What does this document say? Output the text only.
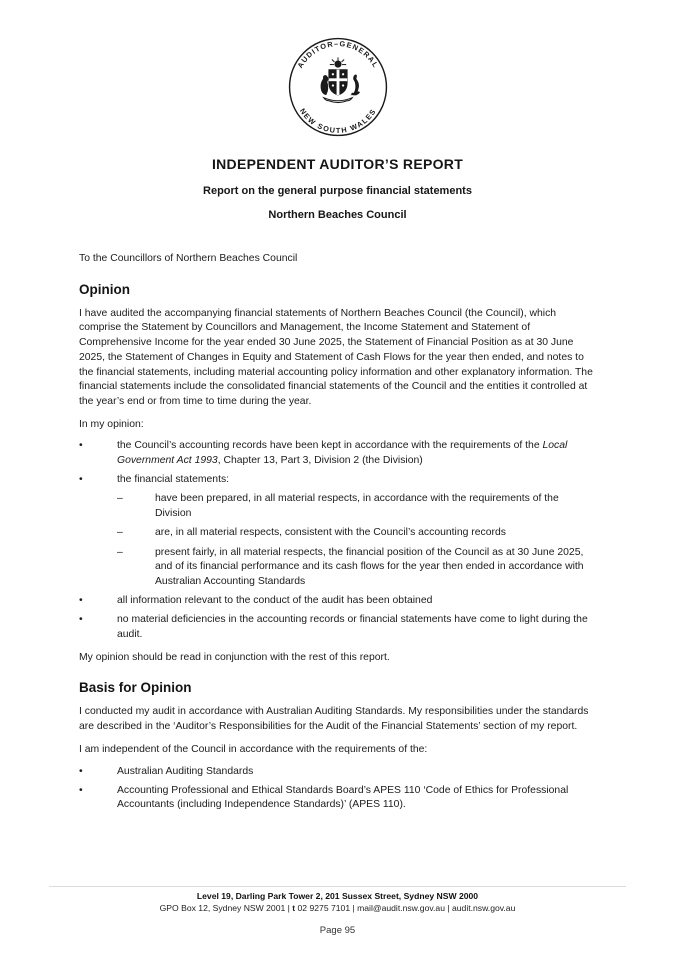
AUDITOR–GENERAL
NEW SOUTH WALES
INDEPENDENT AUDITOR’S REPORT
Report on the general purpose financial statements
Northern Beaches Council

To the Councillors of Northern Beaches Council

Opinion

I have audited the accompanying financial statements of Northern Beaches Council (the Council), which comprise the Statement by Councillors and Management, the Income Statement and Statement of Comprehensive Income for the year ended 30 June 2025, the Statement of Financial Position as at 30 June 2025, the Statement of Changes in Equity and Statement of Cash Flows for the year then ended, and notes to the financial statements, including material accounting policy information and other explanatory information. The financial statements include the consolidated financial statements of the Council and the entities it controlled at the year’s end or from time to time during the year.

In my opinion:

•	the Council’s accounting records have been kept in accordance with the requirements of the Local Government Act 1993, Chapter 13, Part 3, Division 2 (the Division)
•	the financial statements:
–	have been prepared, in all material respects, in accordance with the requirements of the Division
–	are, in all material respects, consistent with the Council’s accounting records
–	present fairly, in all material respects, the financial position of the Council as at 30 June 2025, and of its financial performance and its cash flows for the year then ended in accordance with Australian Accounting Standards
•	all information relevant to the conduct of the audit has been obtained
•	no material deficiencies in the accounting records or financial statements have come to light during the audit.

My opinion should be read in conjunction with the rest of this report.

Basis for Opinion

I conducted my audit in accordance with Australian Auditing Standards. My responsibilities under the standards are described in the ‘Auditor’s Responsibilities for the Audit of the Financial Statements’ section of my report.

I am independent of the Council in accordance with the requirements of the:

•	Australian Auditing Standards
•	Accounting Professional and Ethical Standards Board’s APES 110 ‘Code of Ethics for Professional Accountants (including Independence Standards)’ (APES 110).
Level 19, Darling Park Tower 2, 201 Sussex Street, Sydney NSW 2000
GPO Box 12, Sydney NSW 2001 | t 02 9275 7101 | mail@audit.nsw.gov.au | audit.nsw.gov.au
Page 95
